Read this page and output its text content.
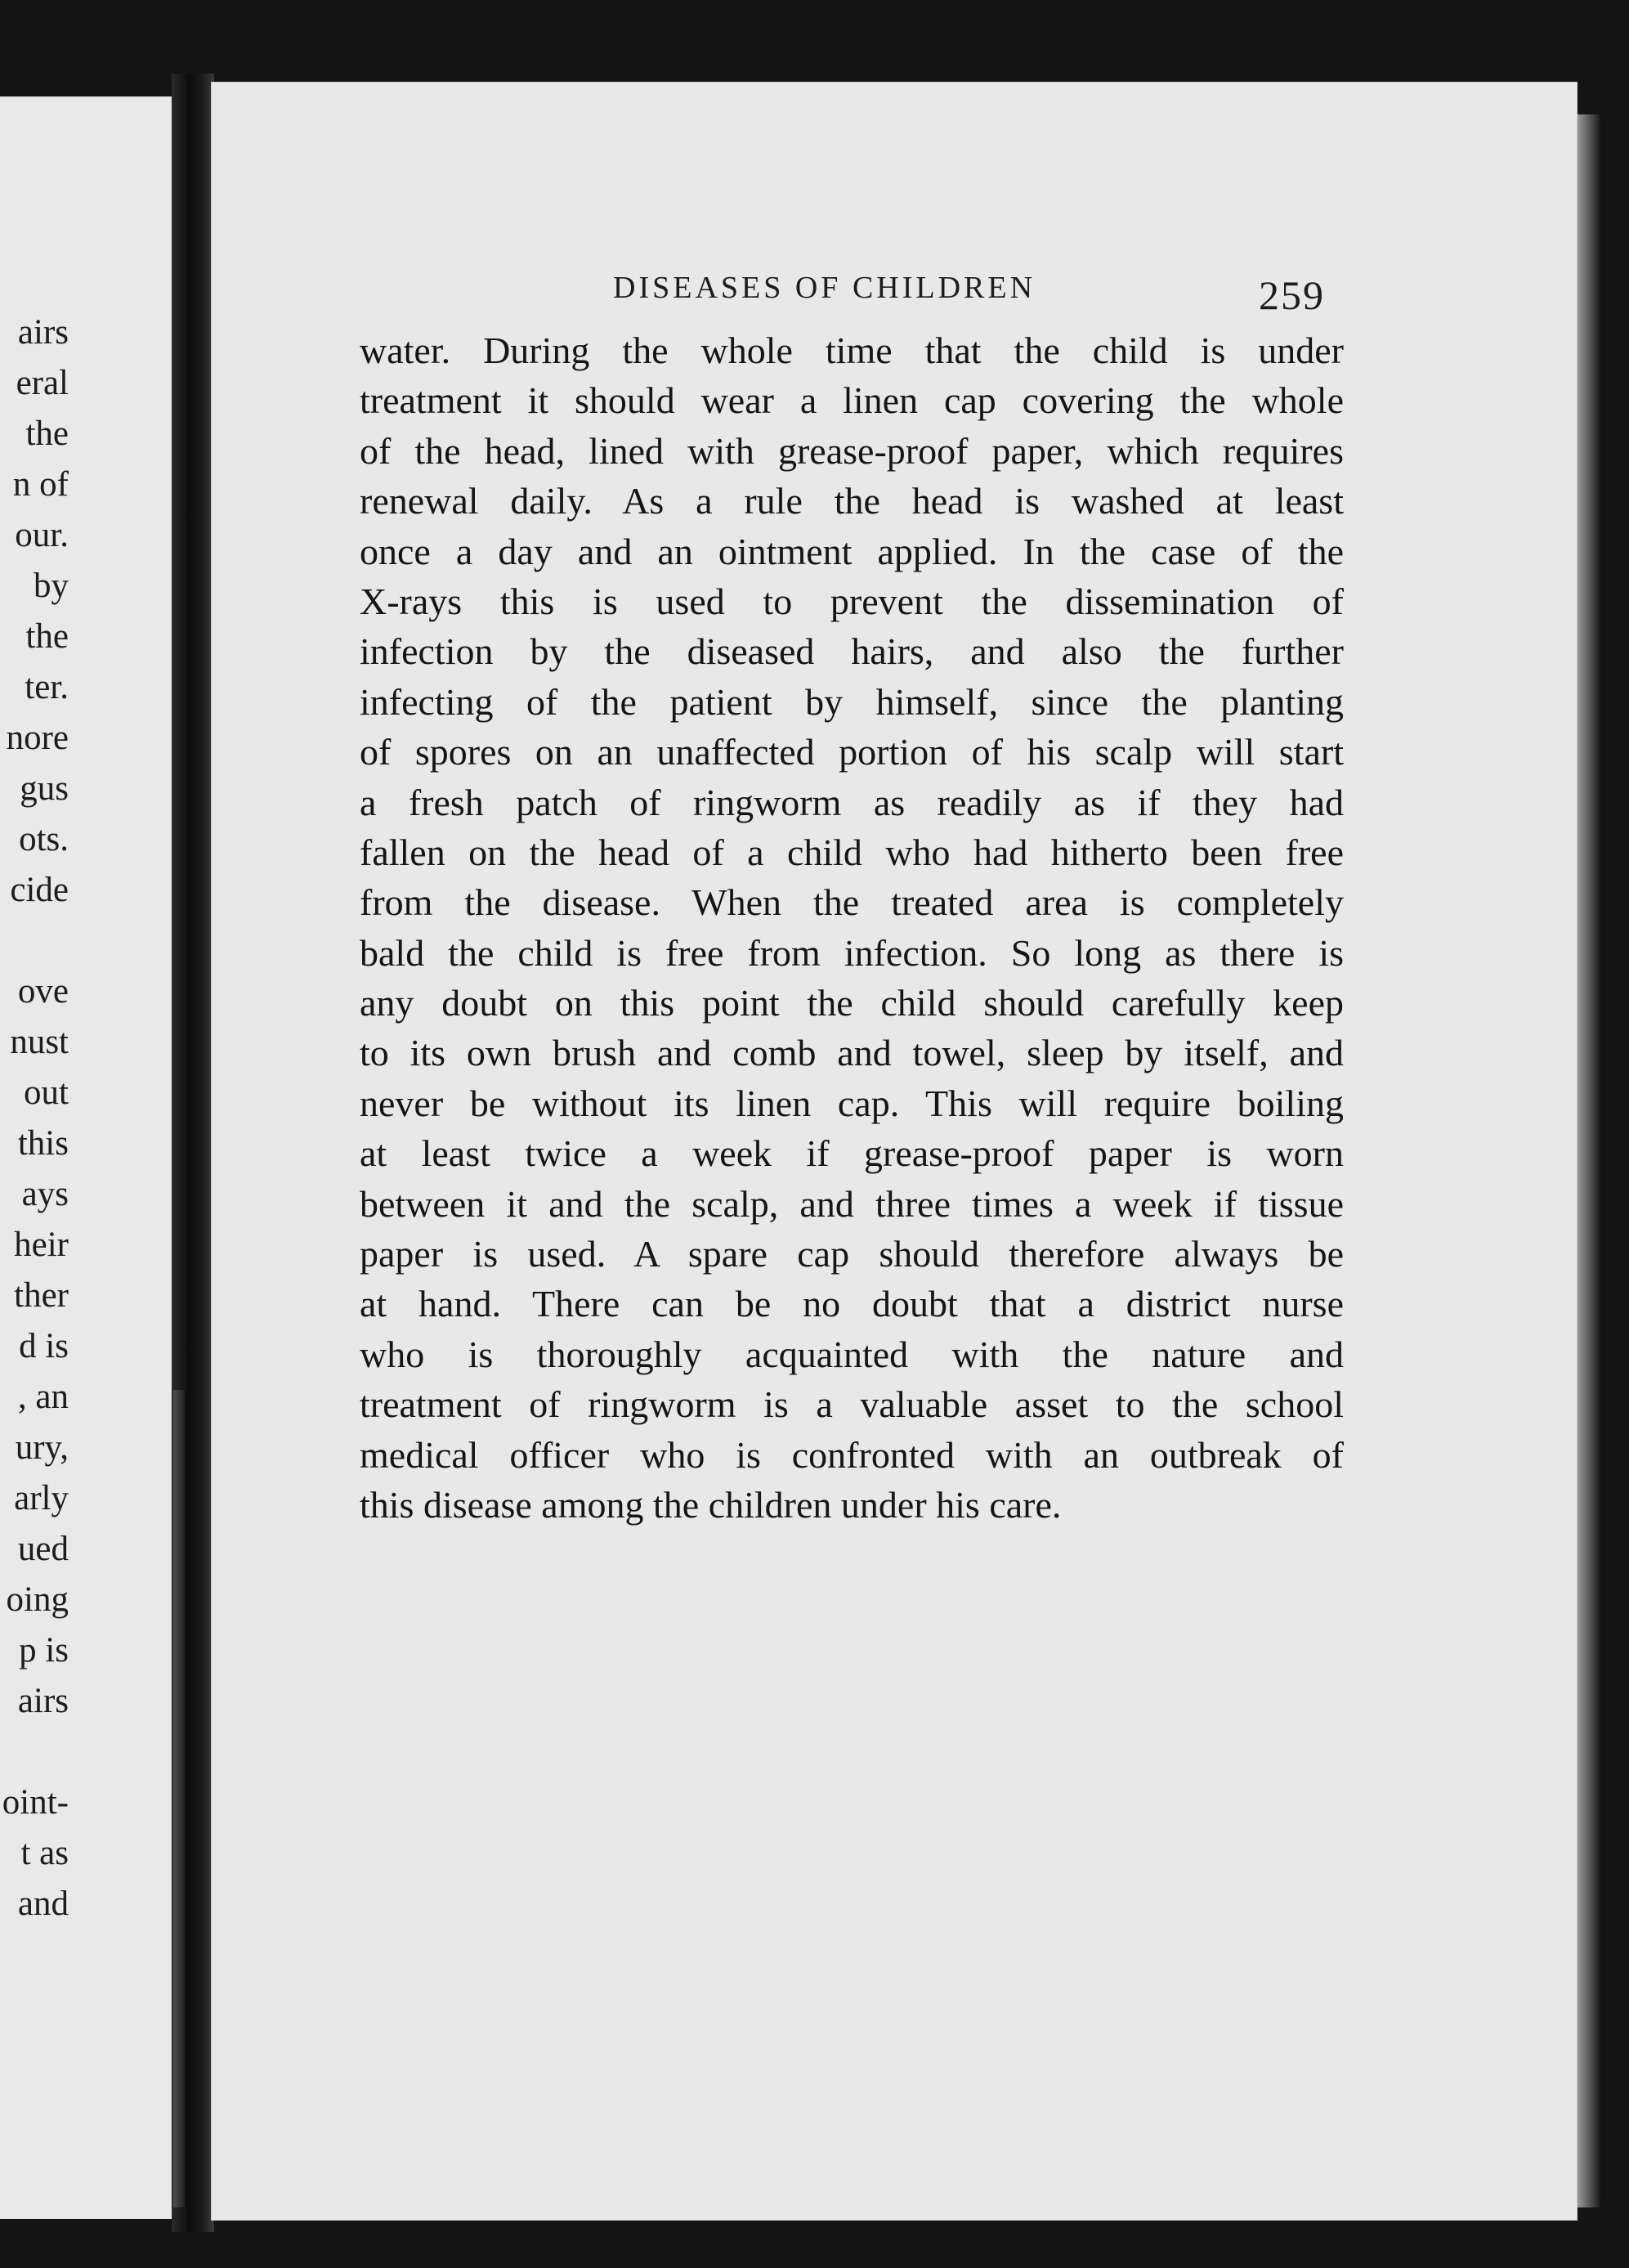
airs
eral
the
n of
our.
by
the
ter.
nore
gus
ots.
cide
ove
nust
out
this
ays
heir
ther
d is
, an
ury,
arly
ued
oing
p is
airs
oint-
t as
and
DISEASES OF CHILDREN	259
water. During the whole time that the child is under
treatment it should wear a linen cap covering the whole
of the head, lined with grease-proof paper, which requires
renewal daily. As a rule the head is washed at least
once a day and an ointment applied. In the case of the
X-rays this is used to prevent the dissemination of
infection by the diseased hairs, and also the further
infecting of the patient by himself, since the planting
of spores on an unaffected portion of his scalp will start
a fresh patch of ringworm as readily as if they had
fallen on the head of a child who had hitherto been free
from the disease. When the treated area is completely
bald the child is free from infection. So long as there is
any doubt on this point the child should carefully keep
to its own brush and comb and towel, sleep by itself, and
never be without its linen cap. This will require boiling
at least twice a week if grease-proof paper is worn
between it and the scalp, and three times a week if tissue
paper is used. A spare cap should therefore always be
at hand. There can be no doubt that a district nurse
who is thoroughly acquainted with the nature and
treatment of ringworm is a valuable asset to the school
medical officer who is confronted with an outbreak of
this disease among the children under his care.
